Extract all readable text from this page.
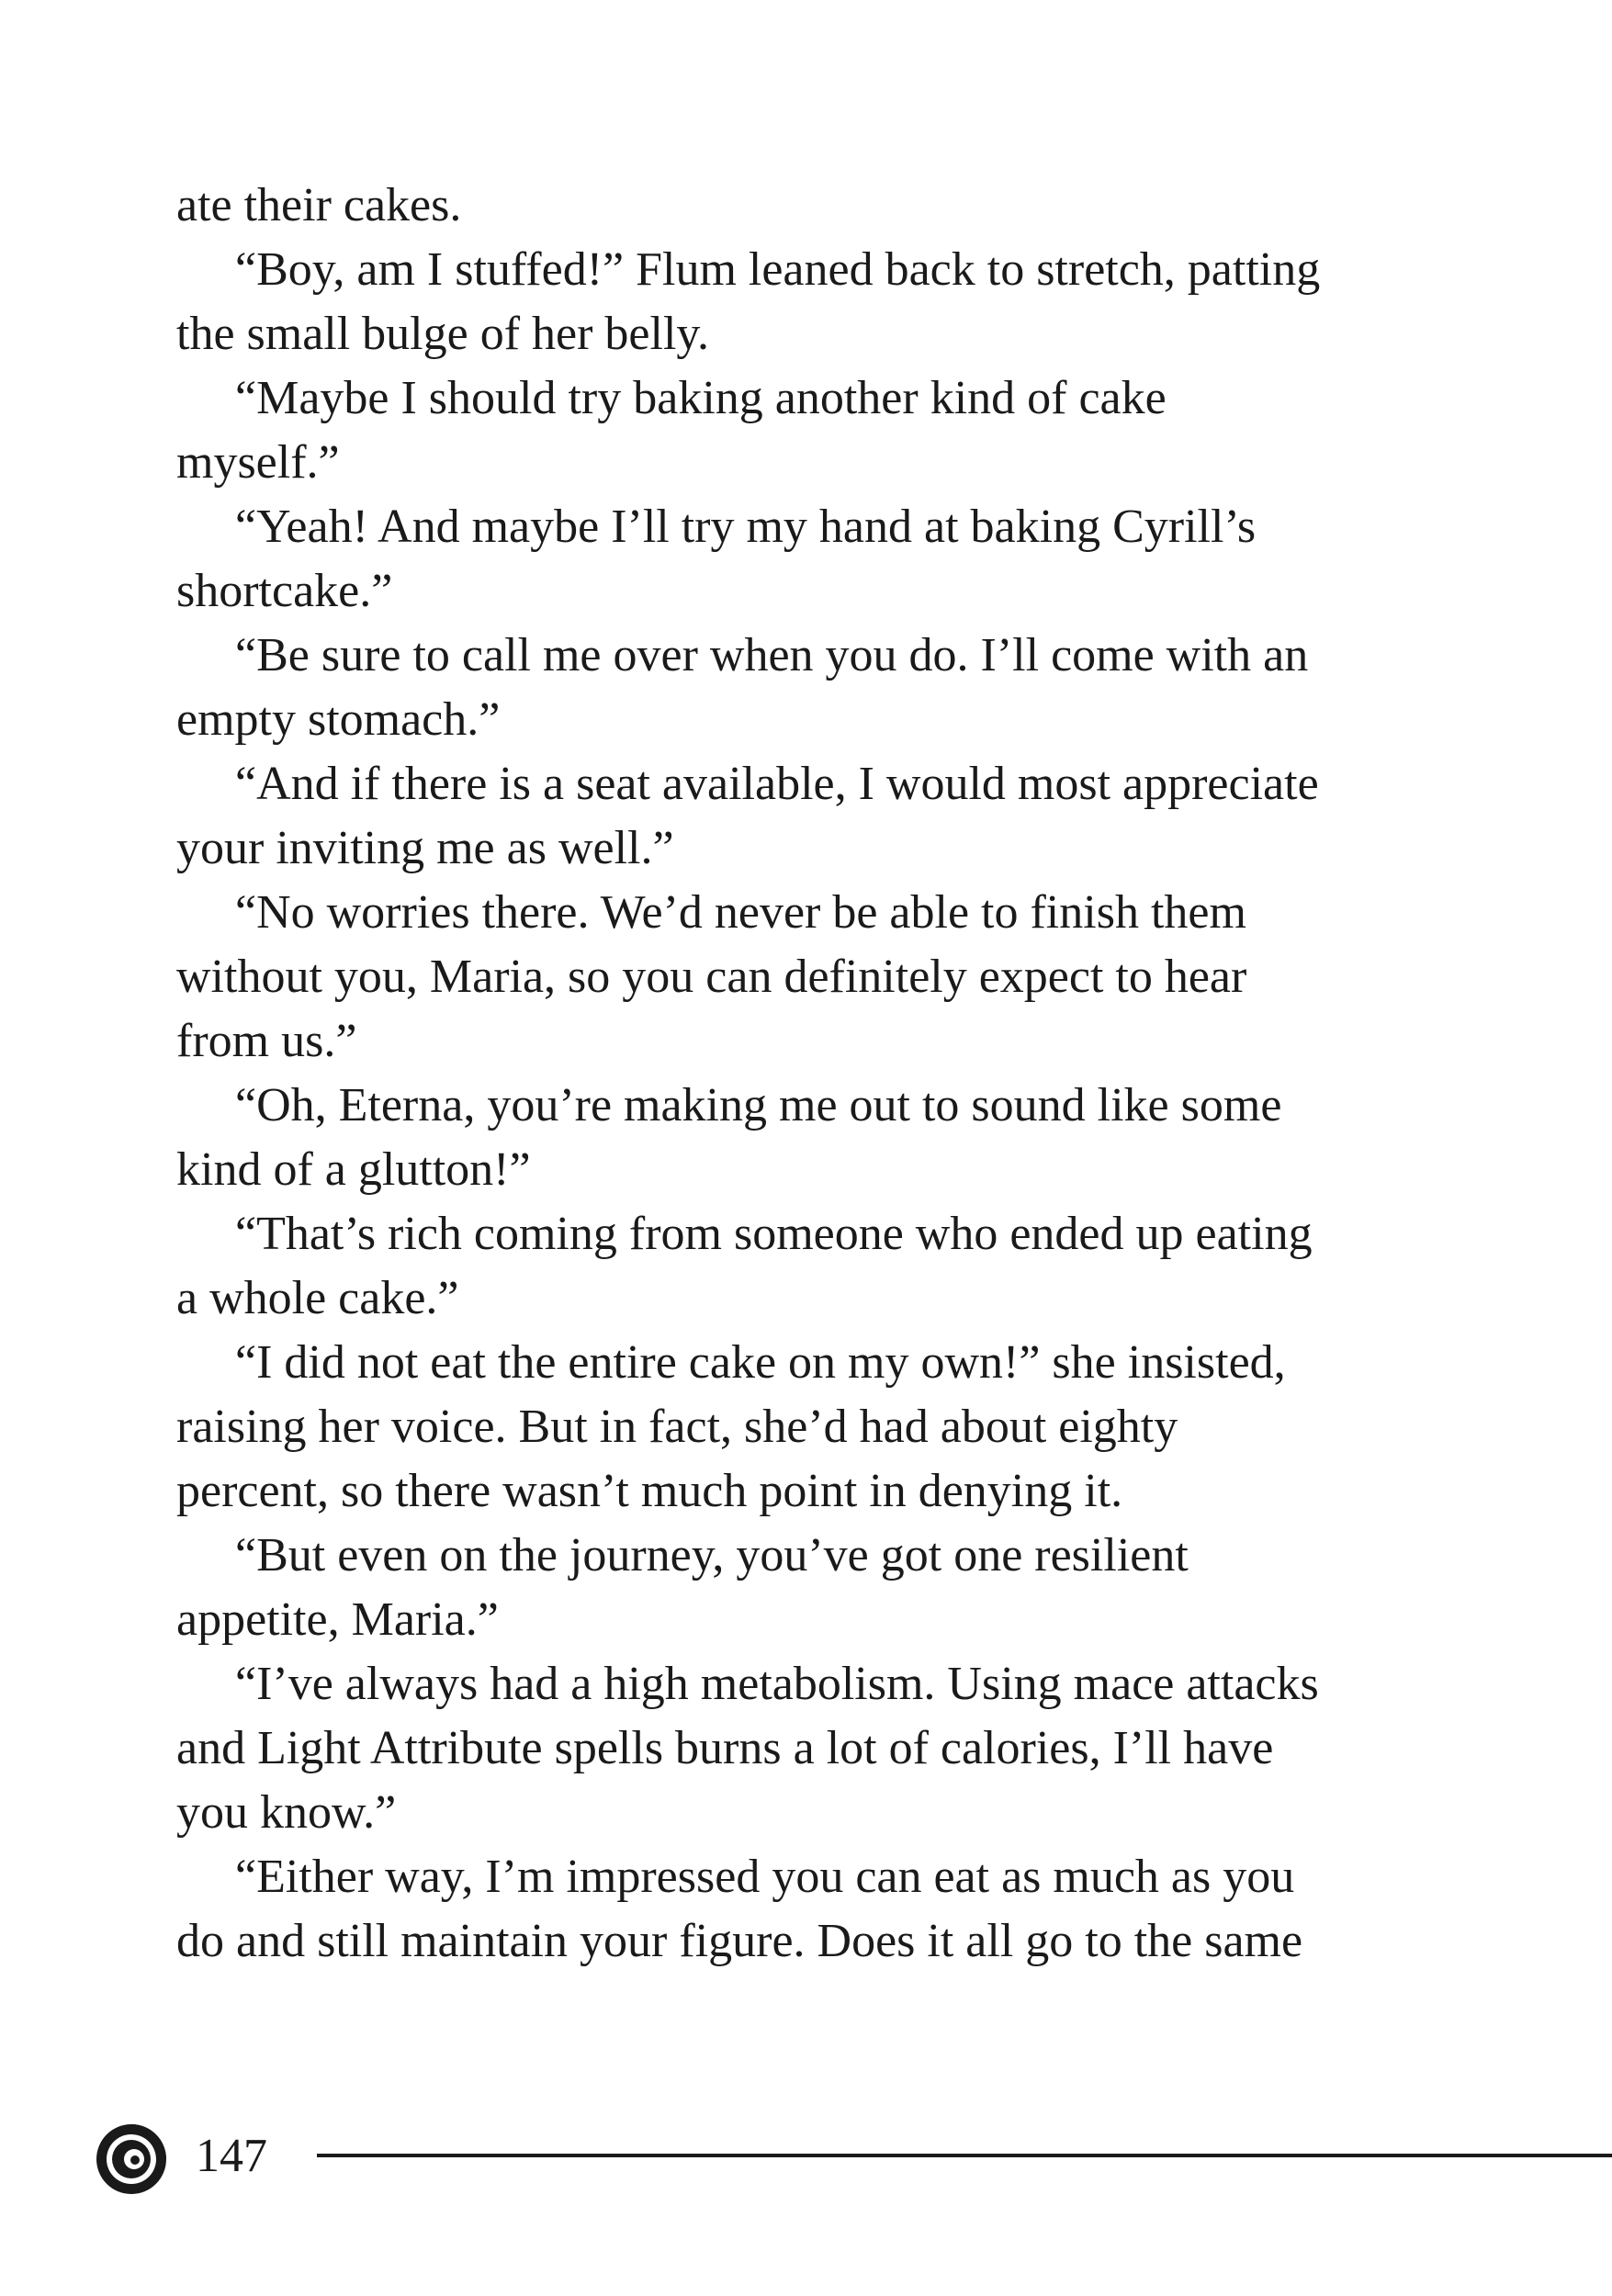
ate their cakes.
“Boy, am I stuffed!” Flum leaned back to stretch, patting
the small bulge of her belly.
“Maybe I should try baking another kind of cake
myself.”
“Yeah! And maybe I’ll try my hand at baking Cyrill’s
shortcake.”
“Be sure to call me over when you do. I’ll come with an
empty stomach.”
“And if there is a seat available, I would most appreciate
your inviting me as well.”
“No worries there. We’d never be able to finish them
without you, Maria, so you can definitely expect to hear
from us.”
“Oh, Eterna, you’re making me out to sound like some
kind of a glutton!”
“That’s rich coming from someone who ended up eating
a whole cake.”
“I did not eat the entire cake on my own!” she insisted,
raising her voice. But in fact, she’d had about eighty
percent, so there wasn’t much point in denying it.
“But even on the journey, you’ve got one resilient
appetite, Maria.”
“I’ve always had a high metabolism. Using mace attacks
and Light Attribute spells burns a lot of calories, I’ll have
you know.”
“Either way, I’m impressed you can eat as much as you
do and still maintain your figure. Does it all go to the same
147
